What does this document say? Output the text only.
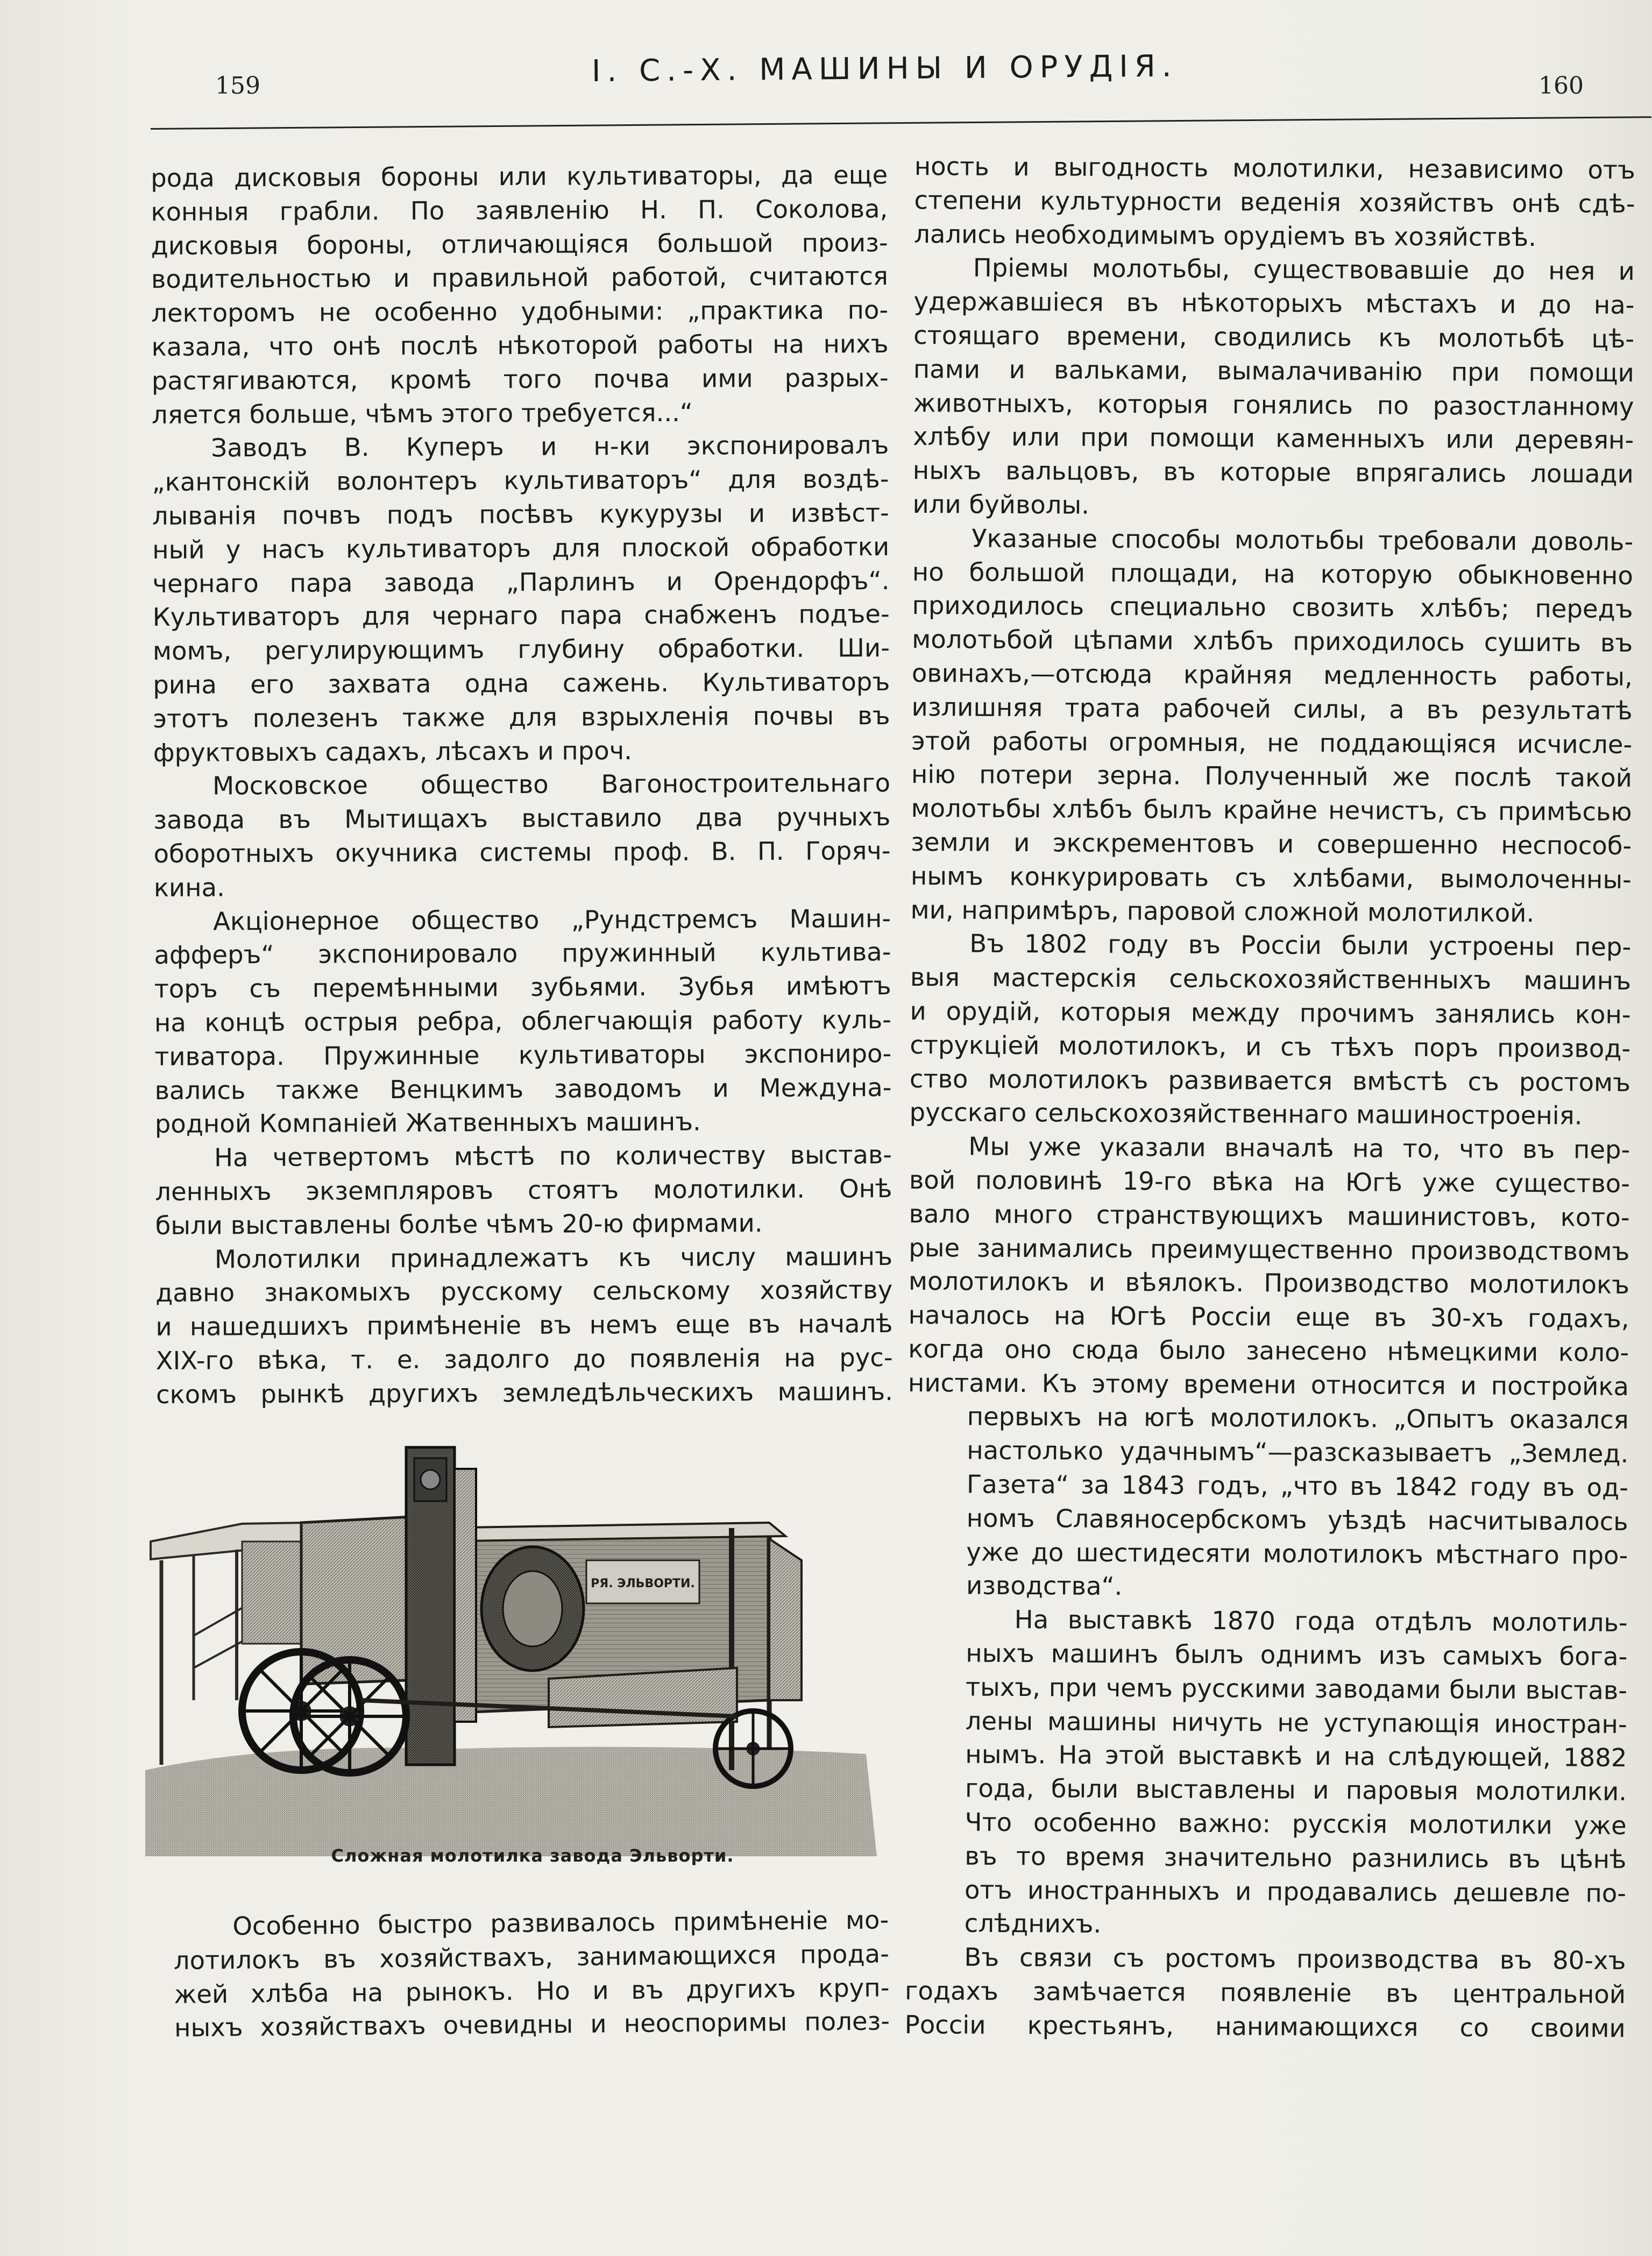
159	I. С.-Х. МАШИНЫ И ОРУДІЯ.	160
рода дисковыя бороны или культиваторы, да еще
конныя грабли. По заявленію Н. П. Соколова,
дисковыя бороны, отличающіяся большой произ-
водительностью и правильной работой, считаются
лекторомъ не особенно удобными: „практика по-
казала, что онѣ послѣ нѣкоторой работы на нихъ
растягиваются, кромѣ того почва ими разрых-
ляется больше, чѣмъ этого требуется...“
Заводъ В. Куперъ и н-ки экспонировалъ
„кантонскій волонтеръ культиваторъ“ для воздѣ-
лыванія почвъ подъ посѣвъ кукурузы и извѣст-
ный у насъ культиваторъ для плоской обработки
чернаго пара завода „Парлинъ и Орендорфъ“.
Культиваторъ для чернаго пара снабженъ подъе-
момъ, регулирующимъ глубину обработки. Ши-
рина его захвата одна сажень. Культиваторъ
этотъ полезенъ также для взрыхленія почвы въ
фруктовыхъ садахъ, лѣсахъ и проч.
Московское общество Вагоностроительнаго
завода въ Мытищахъ выставило два ручныхъ
оборотныхъ окучника системы проф. В. П. Горяч-
кина.
Акціонерное общество „Рундстремсъ Машин-
афферъ“ экспонировало пружинный культива-
торъ съ перемѣнными зубьями. Зубья имѣютъ
на концѣ острыя ребра, облегчающія работу куль-
тиватора. Пружинные культиваторы экспониро-
вались также Венцкимъ заводомъ и Междуна-
родной Компаніей Жатвенныхъ машинъ.
На четвертомъ мѣстѣ по количеству выстав-
ленныхъ экземпляровъ стоятъ молотилки. Онѣ
были выставлены болѣе чѣмъ 20-ю фирмами.
Молотилки принадлежатъ къ числу машинъ
давно знакомыхъ русскому сельскому хозяйству
и нашедшихъ примѣненіе въ немъ еще въ началѣ
XIX-го вѣка, т. е. задолго до появленія на рус-
скомъ рынкѣ другихъ земледѣльческихъ машинъ.
РЯ. ЭЛЬВОРТИ.
Сложная молотилка завода Эльворти.
Особенно быстро развивалось примѣненіе мо-
лотилокъ въ хозяйствахъ, занимающихся прода-
жей хлѣба на рынокъ. Но и въ другихъ круп-
ныхъ хозяйствахъ очевидны и неоспоримы полез-
ность и выгодность молотилки, независимо отъ
степени культурности веденія хозяйствъ онѣ сдѣ-
лались необходимымъ орудіемъ въ хозяйствѣ.
Пріемы молотьбы, существовавшіе до нея и
удержавшіеся въ нѣкоторыхъ мѣстахъ и до на-
стоящаго времени, сводились къ молотьбѣ цѣ-
пами и вальками, вымалачиванію при помощи
животныхъ, которыя гонялись по разостланному
хлѣбу или при помощи каменныхъ или деревян-
ныхъ вальцовъ, въ которые впрягались лошади
или буйволы.
Указаные способы молотьбы требовали доволь-
но большой площади, на которую обыкновенно
приходилось специально свозить хлѣбъ; передъ
молотьбой цѣпами хлѣбъ приходилось сушить въ
овинахъ,—отсюда крайняя медленность работы,
излишняя трата рабочей силы, а въ результатѣ
этой работы огромныя, не поддающіяся исчисле-
нію потери зерна. Полученный же послѣ такой
молотьбы хлѣбъ былъ крайне нечистъ, съ примѣсью
земли и экскрементовъ и совершенно неспособ-
нымъ конкурировать съ хлѣбами, вымолоченны-
ми, напримѣръ, паровой сложной молотилкой.
Въ 1802 году въ Россіи были устроены пер-
выя мастерскія сельскохозяйственныхъ машинъ
и орудій, которыя между прочимъ занялись кон-
струкціей молотилокъ, и съ тѣхъ поръ производ-
ство молотилокъ развивается вмѣстѣ съ ростомъ
русскаго сельскохозяйственнаго машиностроенія.
Мы уже указали вначалѣ на то, что въ пер-
вой половинѣ 19-го вѣка на Югѣ уже существо-
вало много странствующихъ машинистовъ, кото-
рые занимались преимущественно производствомъ
молотилокъ и вѣялокъ. Производство молотилокъ
началось на Югѣ Россіи еще въ 30-хъ годахъ,
когда оно сюда было занесено нѣмецкими коло-
нистами. Къ этому времени относится и постройка
первыхъ на югѣ молотилокъ. „Опытъ оказался
настолько удачнымъ“—разсказываетъ „Землед.
Газета“ за 1843 годъ, „что въ 1842 году въ од-
номъ Славяносербскомъ уѣздѣ насчитывалось
уже до шестидесяти молотилокъ мѣстнаго про-
изводства“.
На выставкѣ 1870 года отдѣлъ молотиль-
ныхъ машинъ былъ однимъ изъ самыхъ бога-
тыхъ, при чемъ русскими заводами были выстав-
лены машины ничуть не уступающія иностран-
нымъ. На этой выставкѣ и на слѣдующей, 1882
года, были выставлены и паровыя молотилки.
Что особенно важно: русскія молотилки уже
въ то время значительно разнились въ цѣнѣ
отъ иностранныхъ и продавались дешевле по-
слѣднихъ.
Въ связи съ ростомъ производства въ 80-хъ
годахъ замѣчается появленіе въ центральной
Россіи крестьянъ, нанимающихся со своими
